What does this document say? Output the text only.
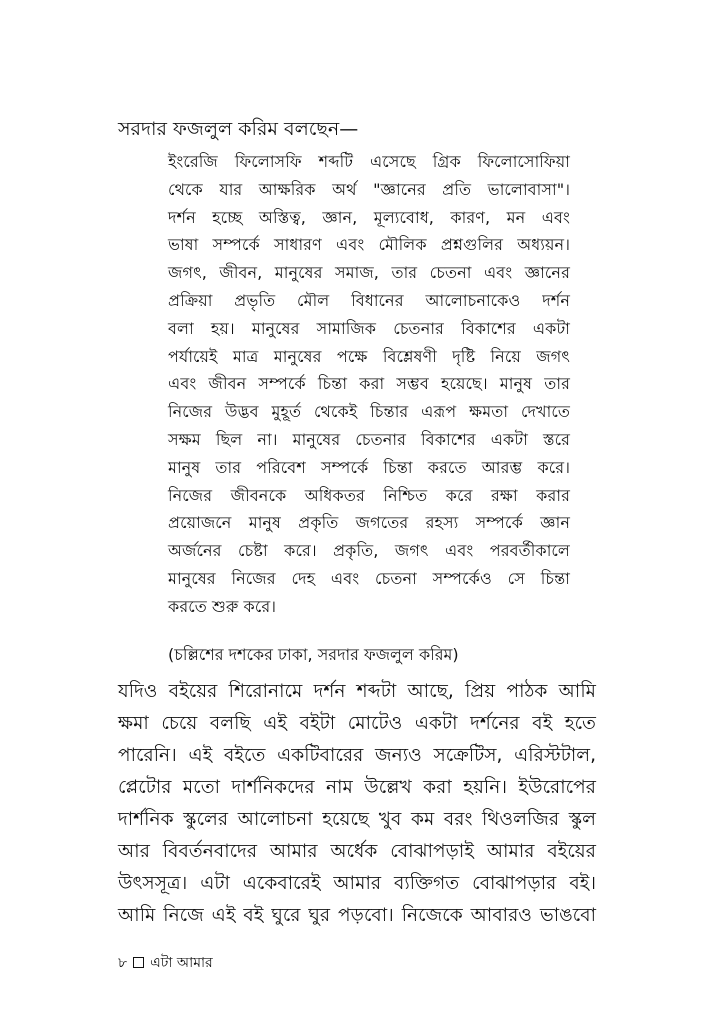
সরদার ফজলুল করিম বলছেন—
ইংরেজি ফিলোসফি শব্দটি এসেছে গ্রিক ফিলোসোফিয়া
থেকে যার আক্ষরিক অর্থ "জ্ঞানের প্রতি ভালোবাসা"।
দর্শন হচ্ছে অস্তিত্ব, জ্ঞান, মূল্যবোধ, কারণ, মন এবং
ভাষা সম্পর্কে সাধারণ এবং মৌলিক প্রশ্নগুলির অধ্যয়ন।
জগৎ, জীবন, মানুষের সমাজ, তার চেতনা এবং জ্ঞানের
প্রক্রিয়া প্রভৃতি মৌল বিধানের আলোচনাকেও দর্শন
বলা হয়। মানুষের সামাজিক চেতনার বিকাশের একটা
পর্যায়েই মাত্র মানুষের পক্ষে বিশ্লেষণী দৃষ্টি নিয়ে জগৎ
এবং জীবন সম্পর্কে চিন্তা করা সম্ভব হয়েছে। মানুষ তার
নিজের উদ্ভব মুহূর্ত থেকেই চিন্তার এরূপ ক্ষমতা দেখাতে
সক্ষম ছিল না। মানুষের চেতনার বিকাশের একটা স্তরে
মানুষ তার পরিবেশ সম্পর্কে চিন্তা করতে আরম্ভ করে।
নিজের জীবনকে অধিকতর নিশ্চিত করে রক্ষা করার
প্রয়োজনে মানুষ প্রকৃতি জগতের রহস্য সম্পর্কে জ্ঞান
অর্জনের চেষ্টা করে। প্রকৃতি, জগৎ এবং পরবর্তীকালে
মানুষের নিজের দেহ এবং চেতনা সম্পর্কেও সে চিন্তা
করতে শুরু করে।
(চল্লিশের দশকের ঢাকা, সরদার ফজলুল করিম)
যদিও বইয়ের শিরোনামে দর্শন শব্দটা আছে, প্রিয় পাঠক আমি
ক্ষমা চেয়ে বলছি এই বইটা মোটেও একটা দর্শনের বই হতে
পারেনি। এই বইতে একটিবারের জন্যও সক্রেটিস, এরিস্টটাল,
প্লেটোর মতো দার্শনিকদের নাম উল্লেখ করা হয়নি। ইউরোপের
দার্শনিক স্কুলের আলোচনা হয়েছে খুব কম বরং থিওলজির স্কুল
আর বিবর্তনবাদের আমার অর্ধেক বোঝাপড়াই আমার বইয়ের
উৎসসূত্র। এটা একেবারেই আমার ব্যক্তিগত বোঝাপড়ার বই।
আমি নিজে এই বই ঘুরে ঘুর পড়বো। নিজেকে আবারও ভাঙবো
৮ এটা আমার
